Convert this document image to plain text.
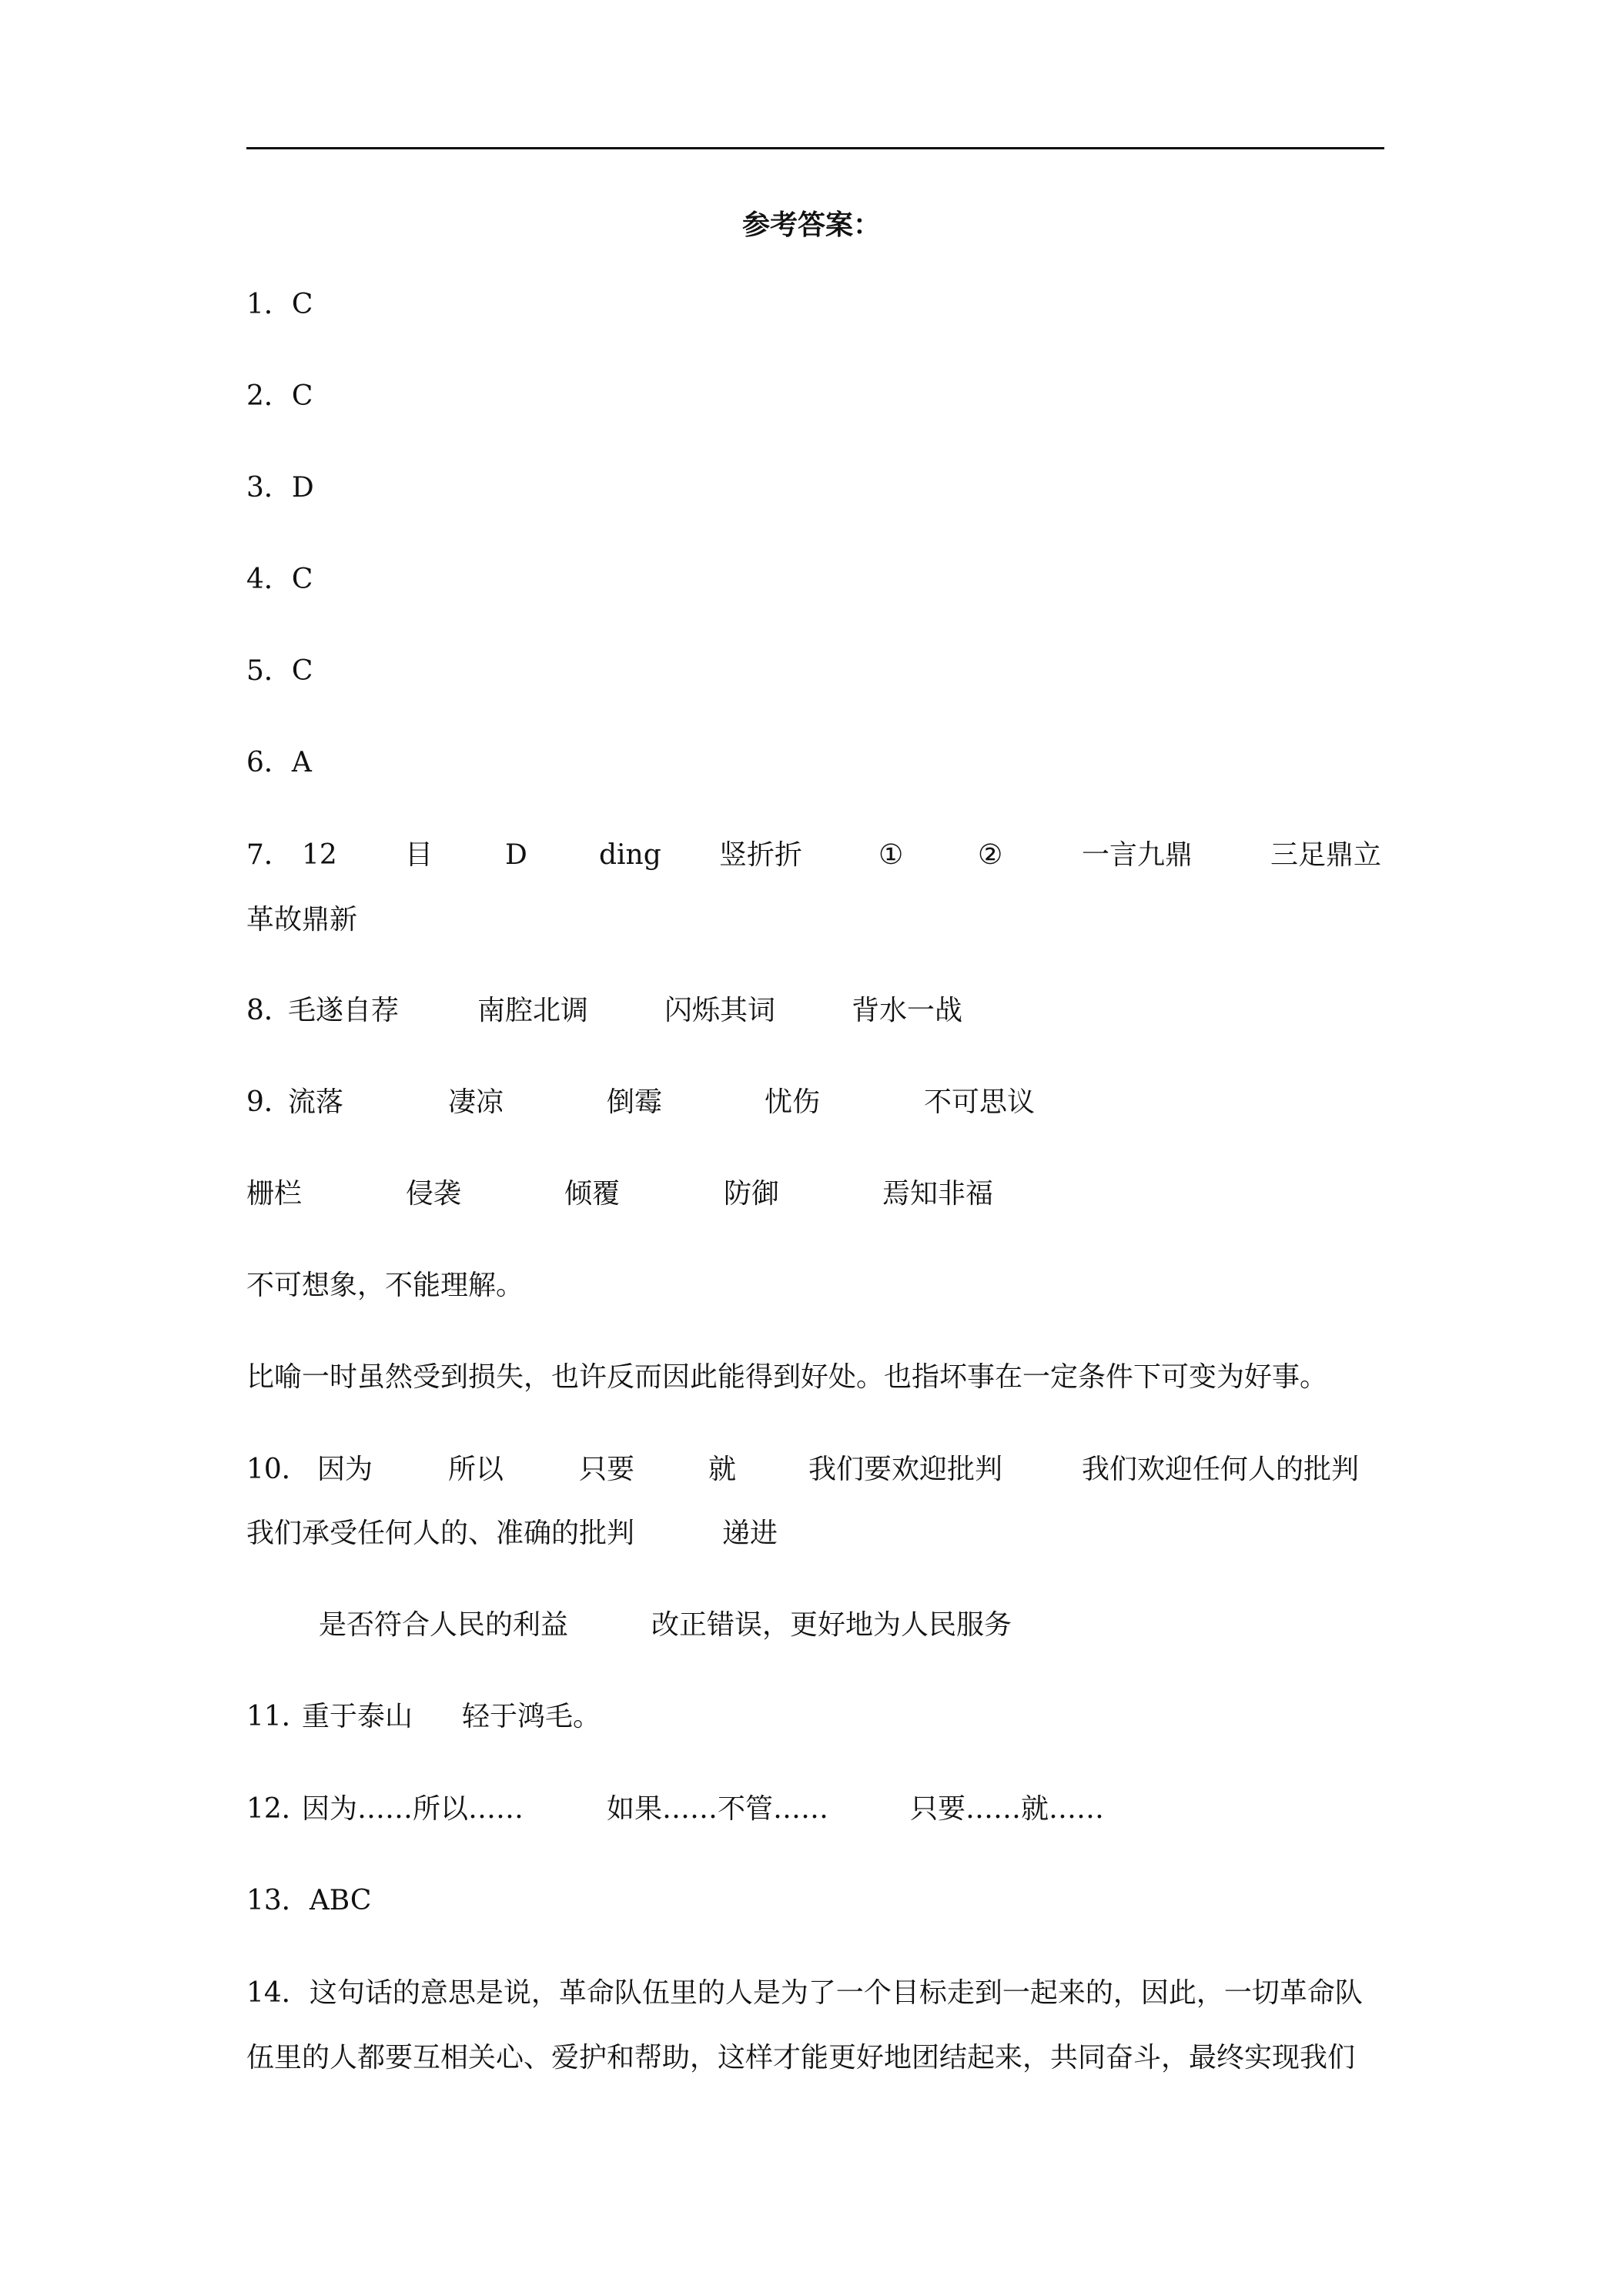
参考答案：
1．C
2．C
3．D
4．C
5．C
6．A
7． 12 目	D	ding 竖折折	①	②	一言九鼎	三足鼎立
革故鼎新
8．
毛遂自荐	南腔北调	闪烁其词	背水一战
9．
流落	凄凉	倒霉	忧伤	不可思议
栅栏	侵袭	倾覆	防御	焉知非福
不可想象，不能理解。
比喻一时虽然受到损失，也许反而因此能得到好处。也指坏事在一定条件下可变为好事。
10． 因为	所以	只要	就	我们要欢迎批判	我们欢迎任何人的批判
我们承受任何人的、准确的批判	递进
是否符合人民的利益	改正错误，更好地为人民服务
11．
重于泰山 轻于鸿毛。
12．
因为……所以……	如果……不管……	只要……就……
13．ABC
14．这句话的意思是说，革命队伍里的人是为了一个目标走到一起来的，因此，一切革命队
伍里的人都要互相关心、爱护和帮助，这样才能更好地团结起来，共同奋斗，最终实现我们
